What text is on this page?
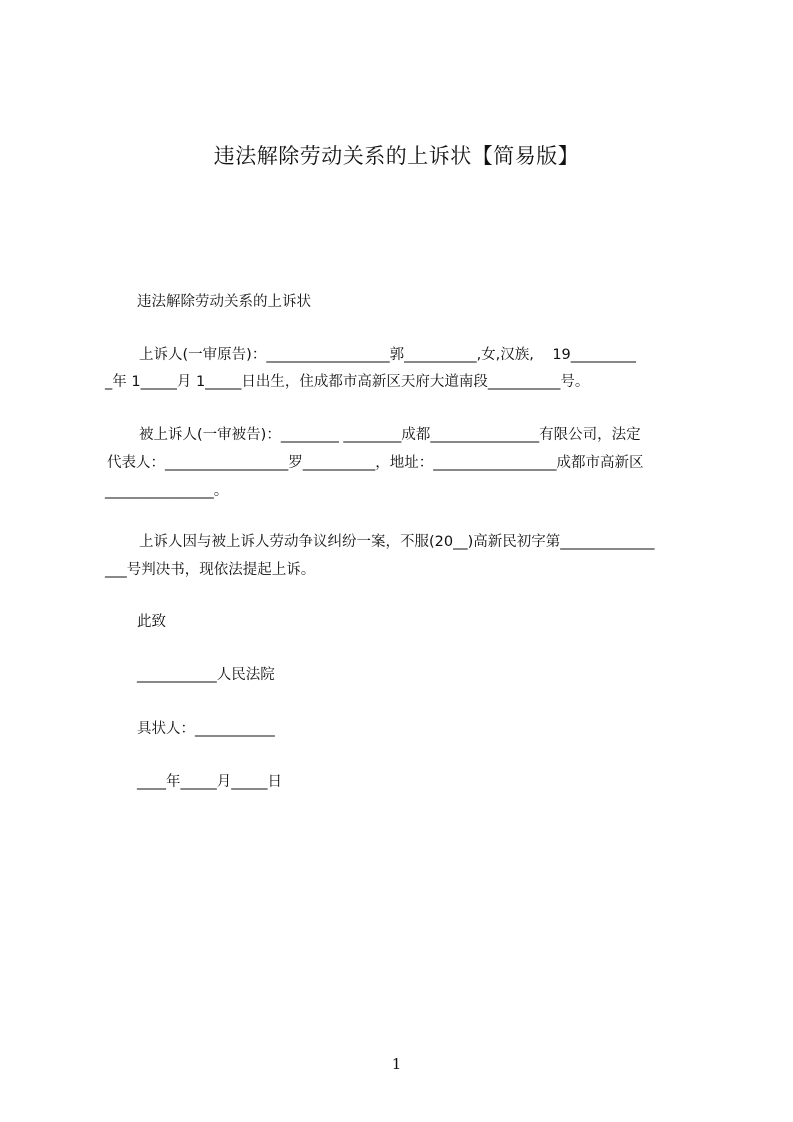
违法解除劳动关系的上诉状【简易版】
违法解除劳动关系的上诉状
上诉人(一审原告)：_________________郭__________,女,汉族,    19_________
_年 1_____月 1_____日出生，住成都市高新区天府大道南段__________号。
被上诉人(一审被告)：________ ________成都_______________有限公司，法定
代表人：_________________罗__________，地址：_________________成都市高新区
_______________。
上诉人因与被上诉人劳动争议纠纷一案，不服(20__)高新民初字第_____________
___号判决书，现依法提起上诉。
此致
___________人民法院
具状人：___________
____年_____月_____日
1
